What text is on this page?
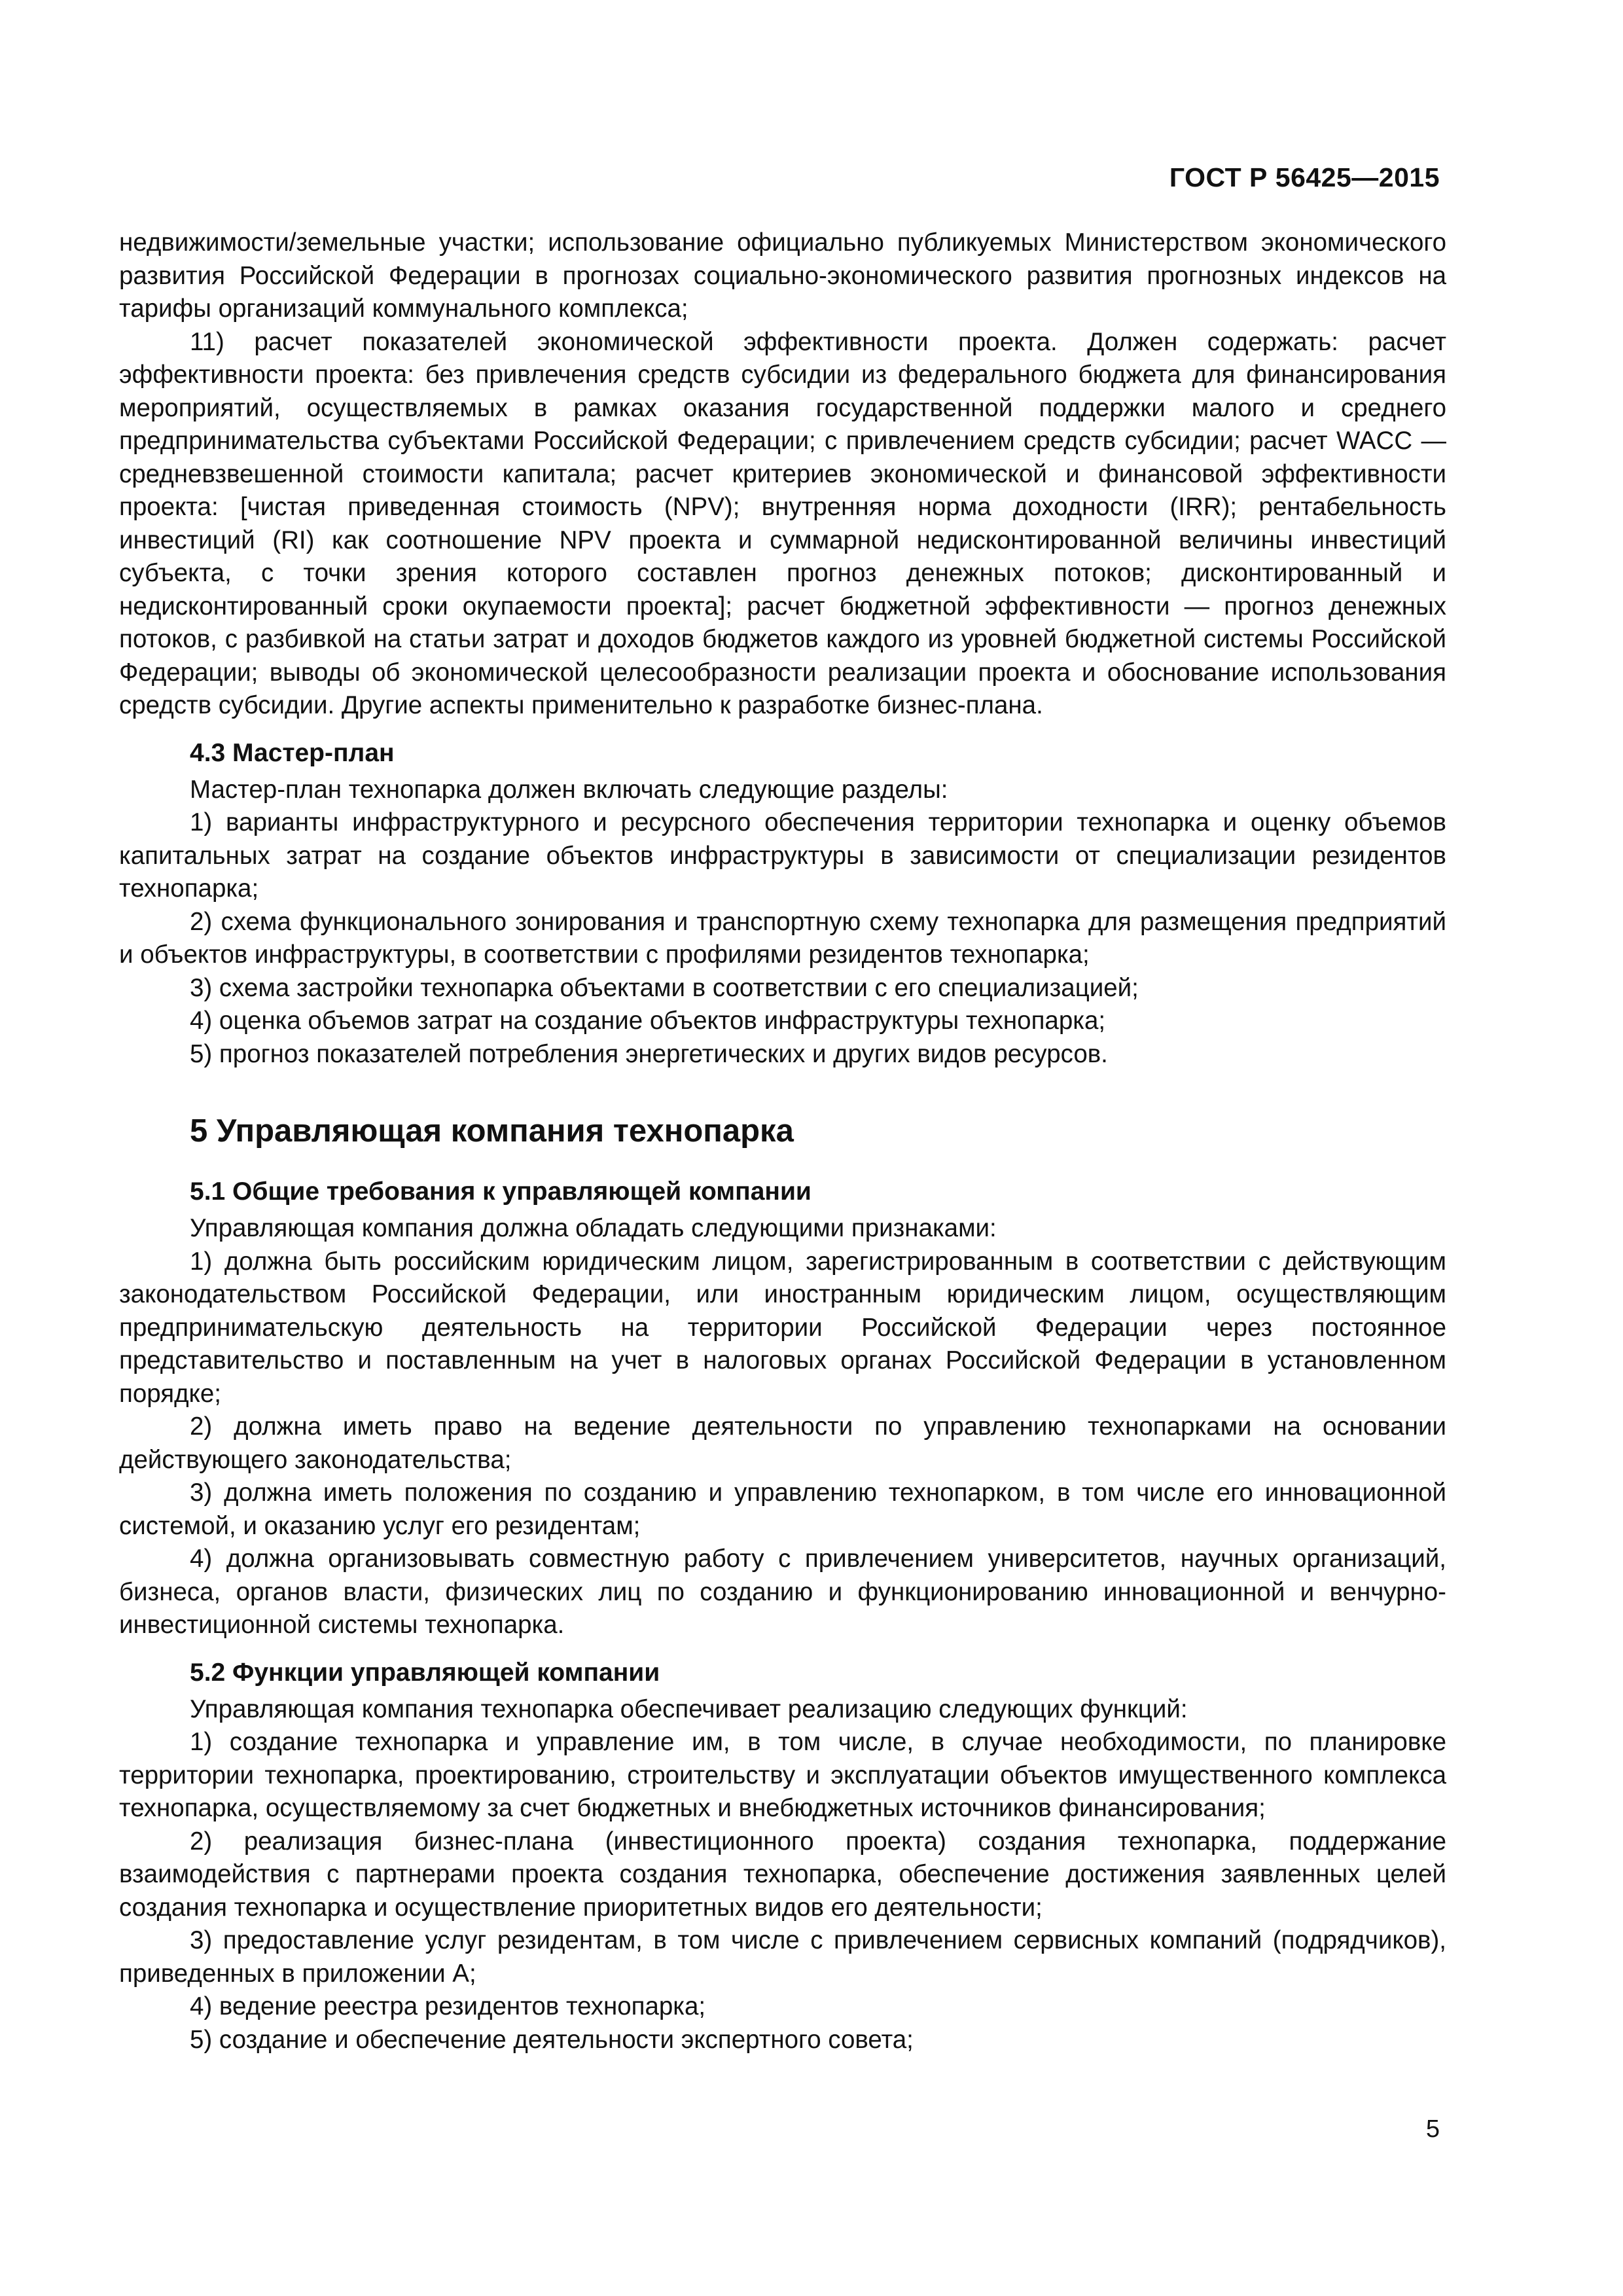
ГОСТ Р 56425—2015

недвижимости/земельные участки; использование официально публикуемых Министерством экономического развития Российской Федерации в прогнозах социально-экономического развития прогнозных индексов на тарифы организаций коммунального комплекса;

11) расчет показателей экономической эффективности проекта. Должен содержать: расчет эффективности проекта: без привлечения средств субсидии из федерального бюджета для финансирования мероприятий, осуществляемых в рамках оказания государственной поддержки малого и среднего предпринимательства субъектами Российской Федерации; с привлечением средств субсидии; расчет WACC — средневзвешенной стоимости капитала; расчет критериев экономической и финансовой эффективности проекта: [чистая приведенная стоимость (NPV); внутренняя норма доходности (IRR); рентабельность инвестиций (RI) как соотношение NPV проекта и суммарной недисконтированной величины инвестиций субъекта, с точки зрения которого составлен прогноз денежных потоков; дисконтированный и недисконтированный сроки окупаемости проекта]; расчет бюджетной эффективности — прогноз денежных потоков, с разбивкой на статьи затрат и доходов бюджетов каждого из уровней бюджетной системы Российской Федерации; выводы об экономической целесообразности реализации проекта и обоснование использования средств субсидии. Другие аспекты применительно к разработке бизнес-плана.

4.3 Мастер-план

Мастер-план технопарка должен включать следующие разделы:

1) варианты инфраструктурного и ресурсного обеспечения территории технопарка и оценку объемов капитальных затрат на создание объектов инфраструктуры в зависимости от специализации резидентов технопарка;

2) схема функционального зонирования и транспортную схему технопарка для размещения предприятий и объектов инфраструктуры, в соответствии с профилями резидентов технопарка;

3) схема застройки технопарка объектами в соответствии с его специализацией;

4) оценка объемов затрат на создание объектов инфраструктуры технопарка;

5) прогноз показателей потребления энергетических и других видов ресурсов.

5 Управляющая компания технопарка
5.1 Общие требования к управляющей компании

Управляющая компания должна обладать следующими признаками:

1) должна быть российским юридическим лицом, зарегистрированным в соответствии с действующим законодательством Российской Федерации, или иностранным юридическим лицом, осуществляющим предпринимательскую деятельность на территории Российской Федерации через постоянное представительство и поставленным на учет в налоговых органах Российской Федерации в установленном порядке;

2) должна иметь право на ведение деятельности по управлению технопарками на основании действующего законодательства;

3) должна иметь положения по созданию и управлению технопарком, в том числе его инновационной системой, и оказанию услуг его резидентам;

4) должна организовывать совместную работу с привлечением университетов, научных организаций, бизнеса, органов власти, физических лиц по созданию и функционированию инновационной и венчурно-инвестиционной системы технопарка.

5.2 Функции управляющей компании

Управляющая компания технопарка обеспечивает реализацию следующих функций:

1) создание технопарка и управление им, в том числе, в случае необходимости, по планировке территории технопарка, проектированию, строительству и эксплуатации объектов имущественного комплекса технопарка, осуществляемому за счет бюджетных и внебюджетных источников финансирования;

2) реализация бизнес-плана (инвестиционного проекта) создания технопарка, поддержание взаимодействия с партнерами проекта создания технопарка, обеспечение достижения заявленных целей создания технопарка и осуществление приоритетных видов его деятельности;

3) предоставление услуг резидентам, в том числе с привлечением сервисных компаний (подрядчиков), приведенных в приложении А;

4) ведение реестра резидентов технопарка;

5) создание и обеспечение деятельности экспертного совета;

5
